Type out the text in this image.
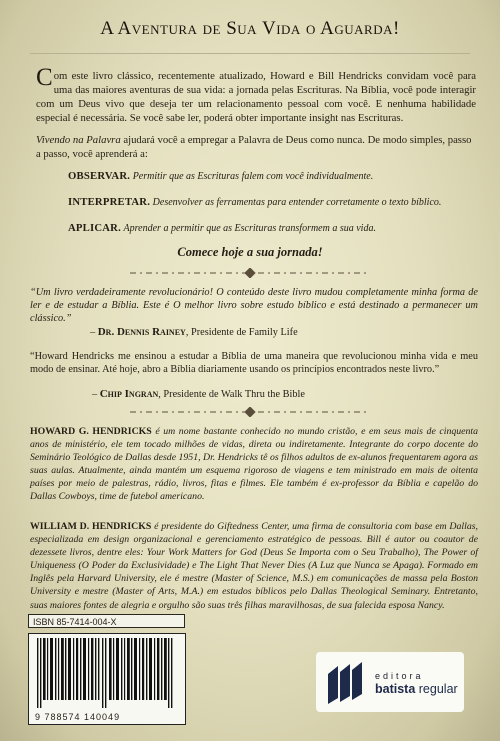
A Aventura de Sua Vida o Aguarda!
Com este livro clássico, recentemente atualizado, Howard e Bill Hendricks convidam você para uma das maiores aventuras de sua vida: a jornada pelas Escrituras. Na Bíblia, você pode interagir com um Deus vivo que deseja ter um relacionamento pessoal com você. E nenhuma habilidade especial é necessária. Se você sabe ler, poderá obter importante insight nas Escrituras.
Vivendo na Palavra ajudará você a empregar a Palavra de Deus como nunca. De modo simples, passo a passo, você aprenderá a:
OBSERVAR. Permitir que as Escrituras falem com você individualmente.
INTERPRETAR. Desenvolver as ferramentas para entender corretamente o texto bíblico.
APLICAR. Aprender a permitir que as Escrituras transformem a sua vida.
Comece hoje a sua jornada!
“Um livro verdadeiramente revolucionário! O conteúdo deste livro mudou completamente minha forma de ler e de estudar a Bíblia. Este é O melhor livro sobre estudo bíblico e está destinado a permanecer um clássico.”
– Dr. Dennis Rainey, Presidente de Family Life
“Howard Hendricks me ensinou a estudar a Bíblia de uma maneira que revolucionou minha vida e meu modo de ensinar. Até hoje, abro a Bíblia diariamente usando os princípios encontrados neste livro.”
– Chip Ingran, Presidente de Walk Thru the Bible
HOWARD G. HENDRICKS é um nome bastante conhecido no mundo cristão, e em seus mais de cinquenta anos de ministério, ele tem tocado milhões de vidas, direta ou indiretamente. Integrante do corpo docente do Seminário Teológico de Dallas desde 1951, Dr. Hendricks tê os filhos adultos de ex-alunos frequentarem agora as suas aulas. Atualmente, ainda mantém um esquema rigoroso de viagens e tem ministrado em mais de oitenta países por meio de palestras, rádio, livros, fitas e filmes. Ele também é ex-professor da Bíblia e capelão do Dallas Cowboys, time de futebol americano.
WILLIAM D. HENDRICKS é presidente do Giftedness Center, uma firma de consultoria com base em Dallas, especializada em design organizacional e gerenciamento estratégico de pessoas. Bill é autor ou coautor de dezessete livros, dentre eles: Your Work Matters for God (Deus Se Importa com o Seu Trabalho), The Power of Uniqueness (O Poder da Exclusividade) e The Light That Never Dies (A Luz que Nunca se Apaga). Formado em Inglês pela Harvard University, ele é mestre (Master of Science, M.S.) em comunicações de massa pela Boston University e mestre (Master of Arts, M.A.) em estudos bíblicos pelo Dallas Theological Seminary. Entretanto, suas maiores fontes de alegria e orgulho são suas três filhas maravilhosas, de sua falecida esposa Nancy.
ISBN 85-7414-004-X
9 788574 140049
editora
batista regular
